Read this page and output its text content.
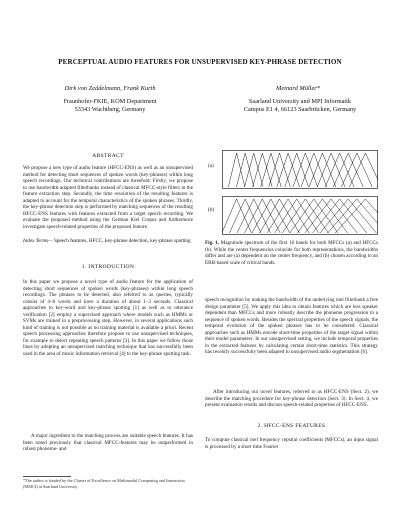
PERCEPTUAL AUDIO FEATURES FOR UNSUPERVISED KEY-PHRASE DETECTION
Dirk von Zeddelmann, Frank Kurth
Fraunhofer-FKIE, KOM Department
53343 Wachtberg, Germany
Meinard Müller*
Saarland University and MPI Informatik
Campus E1 4, 66123 Saarbrücken, Germany
ABSTRACT
We propose a new type of audio feature (HFCC-ENS) as well as an unsupervised method for detecting short sequences of spoken words (key-phrases) within long speech recordings. Our technical contributions are threefold: Firstly, we propose to use bandwidth-adapted filterbanks instead of classical MFCC-style filters in the feature extraction step. Secondly, the time resolution of the resulting features is adapted to account for the temporal characteristics of the spoken phrases. Thirdly, the key-phrase detection step is performed by matching sequences of the resulting HFCC-ENS features with features extracted from a target speech recording. We evaluate the proposed method using the German Kiel Corpus and furthermore investigate speech-related properties of the proposed feature.
Index Terms— Speech features, HFCC, key-phrase detection, key-phrase spotting
1. INTRODUCTION
In this paper we propose a novel type of audio feature for the application of detecting short sequences of spoken words (key-phrases) within long speech recordings. The phrases to be detected, also referred to as queries, typically consist of 4–8 words and have a duration of about 1–3 seconds. Classical approaches to key-word and key-phrase spotting [1] as well as to utterance verification [2] employ a supervised approach where models such as HMMs or SVMs are trained in a preprocessing step. However, in several applications such kind of training is not possible as no training material is available a priori. Recent speech processing approaches therefore propose to use unsupervised techniques, for example to detect repeating speech patterns [3]. In this paper we follow those lines by adopting an unsupervised matching technique that has successfully been used in the area of music information retrieval [4] to the key-phrase spotting task.
A major ingredient to the matching process are suitable speech features. It has been noted previously that classical MFCC-features may be outperformed in robust phoneme- and
*The author is funded by the Cluster of Excellence on Multimodal Computing and Interaction (MMCI) at Saarland University.
(a)
(b)
Fig. 1. Magnitude spectrum of the first 16 bands for both MFCCs (a) and HFCCs (b). While the center frequencies coincide for both representations, the bandwidths differ and are (a) dependent on the center frequency, and (b) chosen according to an ERB-based scale of critical bands.
speech recognition by making the bandwidth of the underlying mel filterbank a free design parameter [5]. We apply this idea to obtain features which are less speaker dependent than MFCCs and more robustly describe the phoneme progression in a sequence of spoken words. Besides the spectral properties of the speech signals, the temporal evolution of the spoken phrases has to be considered. Classical approaches such as HMMs encode short-time properties of the target signal within their model parameters. In our unsupervised setting, we include temporal properties in the extracted features by calculating certain short-time statistics. This strategy has recently successfully been adapted to unsupervised audio segmentation [6].
After introducing our novel features, referred to as HFCC-ENS (Sect. 2), we describe the matching procedure for key-phrase detection (Sect. 3). In Sect. 4, we present evaluation results and discuss speech-related properties of HFCC-ENS.
2. HFCC-ENS FEATURES
To compute classical mel frequency cepstral coefficients (MFCCs), an input signal is processed by a short time Fourier
